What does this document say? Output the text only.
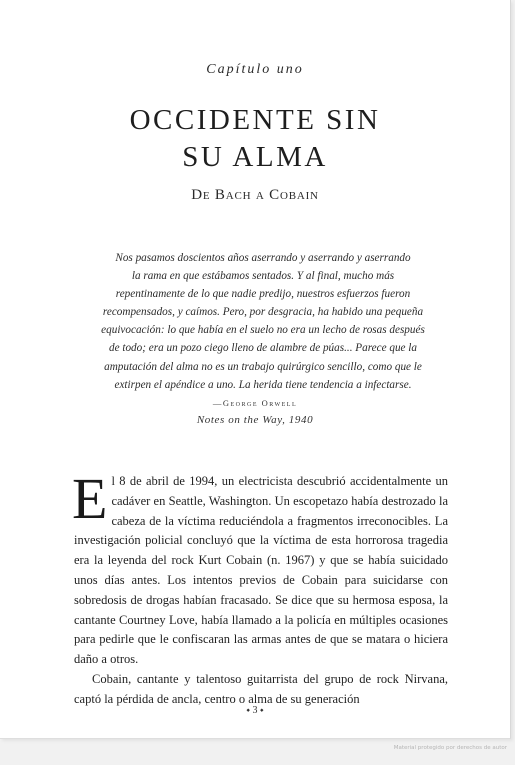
Capítulo uno
OCCIDENTE SIN
SU ALMA
De Bach a Cobain
Nos pasamos doscientos años aserrando y aserrando y aserrando
la rama en que estábamos sentados. Y al final, mucho más
repentinamente de lo que nadie predijo, nuestros esfuerzos fueron
recompensados, y caímos. Pero, por desgracia, ha habido una pequeña
equivocación: lo que había en el suelo no era un lecho de rosas después
de todo; era un pozo ciego lleno de alambre de púas... Parece que la
amputación del alma no es un trabajo quirúrgico sencillo, como que le
extirpen el apéndice a uno. La herida tiene tendencia a infectarse.
—George Orwell
Notes on the Way, 1940

El 8 de abril de 1994, un electricista descubrió accidentalmente un cadáver en Seattle, Washington. Un escopetazo había destrozado la cabeza de la víctima reduciéndola a fragmentos irreconocibles. La investigación policial concluyó que la víctima de esta horrorosa tragedia era la leyenda del rock Kurt Cobain (n. 1967) y que se había suicidado unos días antes. Los intentos previos de Cobain para suicidarse con sobredosis de drogas habían fracasado. Se dice que su hermosa esposa, la cantante Courtney Love, había llamado a la policía en múltiples ocasiones para pedirle que le confiscaran las armas antes de que se matara o hiciera daño a otros.

Cobain, cantante y talentoso guitarrista del grupo de rock Nirvana, captó la pérdida de ancla, centro o alma de su generación

⬩ 3 ⬩
Material protegido por derechos de autor
